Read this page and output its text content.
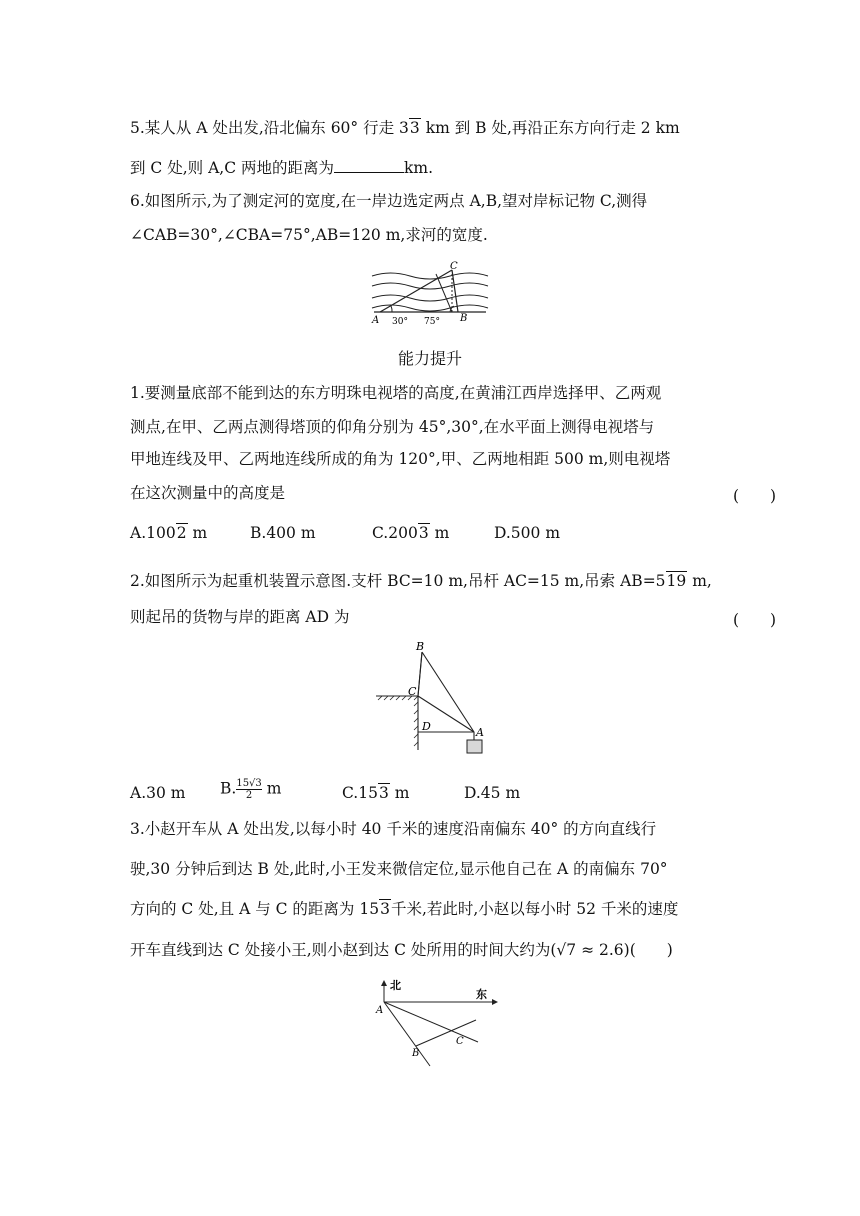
5.某人从 A 处出发,沿北偏东 60° 行走 33 km 到 B 处,再沿正东方向行走 2 km
到 C 处,则 A,C 两地的距离为	km.
6.如图所示,为了测定河的宽度,在一岸边选定两点 A,B,望对岸标记物 C,测得
∠CAB=30°,∠CBA=75°,AB=120 m,求河的宽度.
C
A	B
30° 75°
能力提升
1.要测量底部不能到达的东方明珠电视塔的高度,在黄浦江西岸选择甲、乙两观
测点,在甲、乙两点测得塔顶的仰角分别为 45°,30°,在水平面上测得电视塔与
甲地连线及甲、乙两地连线所成的角为 120°,甲、乙两地相距 500 m,则电视塔
在这次测量中的高度是	(　　)
A.1002 m	B.400 m	C.2003 m	D.500 m
2.如图所示为起重机装置示意图.支杆 BC=10 m,吊杆 AC=15 m,吊索 AB=519 m,
则起吊的货物与岸的距离 AD 为	(　　)
B
C
D	A
A.30 m B. $\frac{15√3}{2}$ m	C.153 m	D.45 m
3.小赵开车从 A 处出发,以每小时 40 千米的速度沿南偏东 40° 的方向直线行
驶,30 分钟后到达 B 处,此时,小王发来微信定位,显示他自己在 A 的南偏东 70°
方向的 C 处,且 A 与 C 的距离为 153千米,若此时,小赵以每小时 52 千米的速度
开车直线到达 C 处接小王,则小赵到达 C 处所用的时间大约为(√7 ≈ 2.6)(　　)
北
东
A
B
C
